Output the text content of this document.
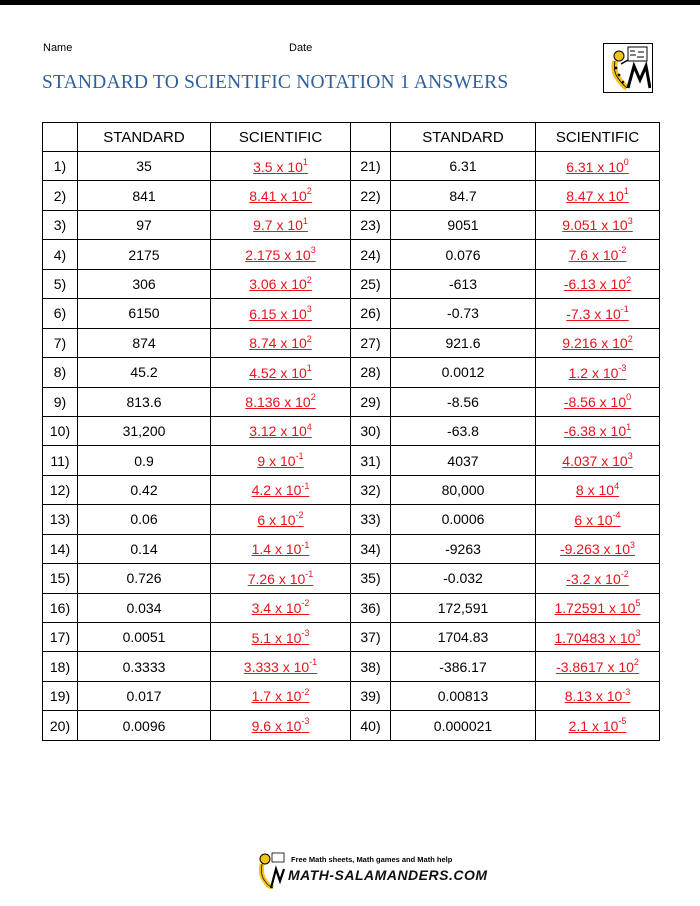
Name	Date
STANDARD TO SCIENTIFIC NOTATION 1 ANSWERS
	STANDARD	SCIENTIFIC		STANDARD	SCIENTIFIC
1)	35	3.5 x $10^1$	21)	6.31	6.31 x $10^0$
2)	841	8.41 x $10^2$	22)	84.7	8.47 x $10^1$
3)	97	9.7 x $10^1$	23)	9051	9.051 x $10^3$
4)	2175	2.175 x $10^3$	24)	0.076	7.6 x $10^{-2}$
5)	306	3.06 x $10^2$	25)	-613	-6.13 x $10^2$
6)	6150	6.15 x $10^3$	26)	-0.73	-7.3 x $10^{-1}$
7)	874	8.74 x $10^2$	27)	921.6	9.216 x $10^2$
8)	45.2	4.52 x $10^1$	28)	0.0012	1.2 x $10^{-3}$
9)	813.6	8.136 x $10^2$	29)	-8.56	-8.56 x $10^0$
10)	31,200	3.12 x $10^4$	30)	-63.8	-6.38 x $10^1$
11)	0.9	9 x $10^{-1}$	31)	4037	4.037 x $10^3$
12)	0.42	4.2 x $10^{-1}$	32)	80,000	8 x $10^4$
13)	0.06	6 x $10^{-2}$	33)	0.0006	6 x $10^{-4}$
14)	0.14	1.4 x $10^{-1}$	34)	-9263	-9.263 x $10^3$
15)	0.726	7.26 x $10^{-1}$	35)	-0.032	-3.2 x $10^{-2}$
16)	0.034	3.4 x $10^{-2}$	36)	172,591	1.72591 x $10^5$
17)	0.0051	5.1 x $10^{-3}$	37)	1704.83	1.70483 x $10^3$
18)	0.3333	3.333 x $10^{-1}$	38)	-386.17	-3.8617 x $10^2$
19)	0.017	1.7 x $10^{-2}$	39)	0.00813	8.13 x $10^{-3}$
20)	0.0096	9.6 x $10^{-3}$	40)	0.000021	2.1 x $10^{-5}$
Free Math sheets, Math games and Math help
MATH-SALAMANDERS.COM
